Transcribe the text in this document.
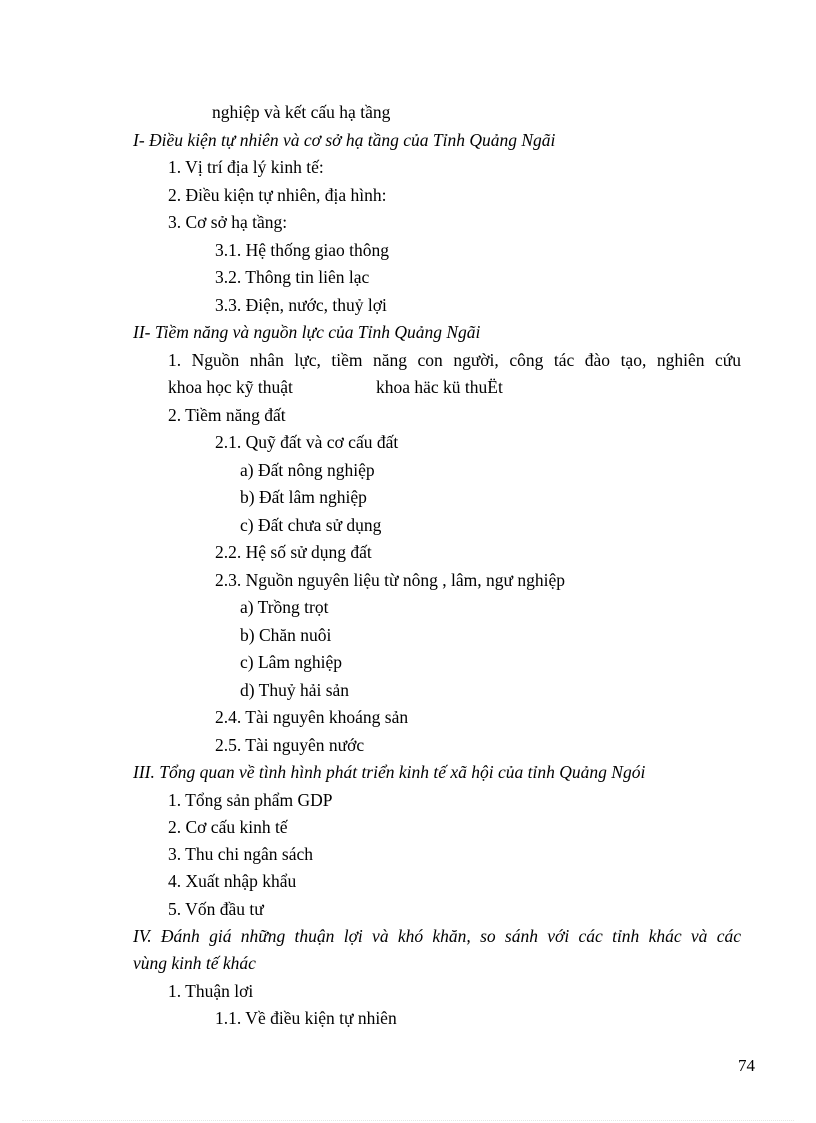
nghiệp và kết cấu hạ tầng
I- Điều kiện tự nhiên và cơ sở hạ tầng của Tỉnh Quảng Ngãi
1. Vị trí địa lý kinh tế:
2. Điều kiện tự nhiên, địa hình:
3. Cơ sở hạ tầng:
3.1. Hệ thống giao thông
3.2. Thông tin liên lạc
3.3. Điện, nước, thuỷ lợi
II- Tiềm năng và nguồn lực của Tỉnh Quảng Ngãi
1. Nguồn nhân lực, tiềm năng con người, công tác đào tạo, nghiên cứu
khoa học kỹ thuật	khoa häc kü thuËt
2. Tiềm năng đất
2.1. Quỹ đất và cơ cấu đất
a) Đất nông nghiệp
b) Đất lâm nghiệp
c) Đất chưa sử dụng
2.2. Hệ số sử dụng đất
2.3. Nguồn nguyên liệu từ nông , lâm, ngư nghiệp
a) Trồng trọt
b) Chăn nuôi
c) Lâm nghiệp
d) Thuỷ hải sản
2.4. Tài nguyên khoáng sản
2.5. Tài nguyên nước
III. Tổng quan về tình hình phát triển kinh tế xã hội của tỉnh Quảng Ngói
1. Tổng sản phẩm GDP
2. Cơ cấu kinh tế
3. Thu chi ngân sách
4. Xuất nhập khẩu
5. Vốn đầu tư
IV. Đánh giá những thuận lợi và khó khăn, so sánh với các tỉnh khác và các
vùng kinh tế khác
1. Thuận lơi
1.1. Về điều kiện tự nhiên
74
